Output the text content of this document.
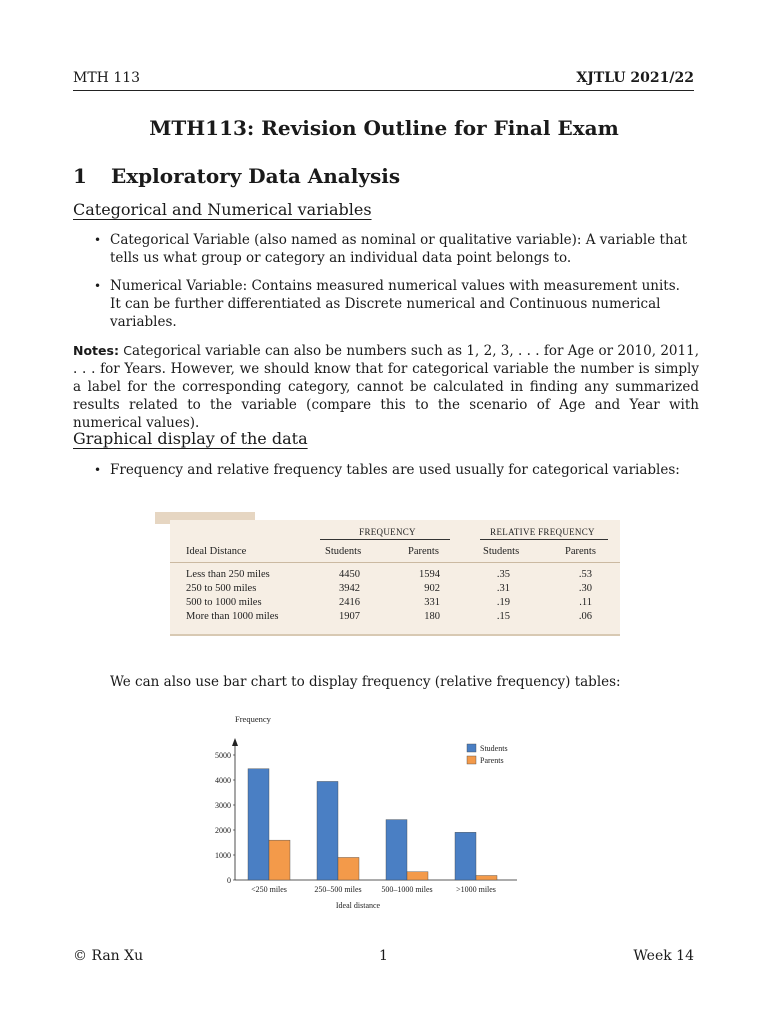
MTH 113	XJTLU 2021/22
MTH113: Revision Outline for Final Exam
1 Exploratory Data Analysis
Categorical and Numerical variables
• Categorical Variable (also named as nominal or qualitative variable): A variable that tells us what group or category an individual data point belongs to.
• Numerical Variable: Contains measured numerical values with measurement units. It can be further differentiated as Discrete numerical and Continuous numerical variables.
Notes: Categorical variable can also be numbers such as 1, 2, 3, . . . for Age or 2010, 2011, . . . for Years. However, we should know that for categorical variable the number is simply a label for the corresponding category, cannot be calculated in finding any summarized results related to the variable (compare this to the scenario of Age and Year with numerical values).
Graphical display of the data
• Frequency and relative frequency tables are used usually for categorical variables:
FREQUENCY	RELATIVE FREQUENCY
Ideal Distance	Students	Parents	Students	Parents
Less than 250 miles	4450	1594	.35	.53
250 to 500 miles	3942	902	.31	.30
500 to 1000 miles	2416	331	.19	.11
More than 1000 miles	1907	180	.15	.06
We can also use bar chart to display frequency (relative frequency) tables:
Frequency
0
1000
2000
3000
4000
5000
<250 miles	250–500 miles 500–1000 miles	>1000 miles
Ideal distance
Students
Parents
© Ran Xu	1	Week 14
